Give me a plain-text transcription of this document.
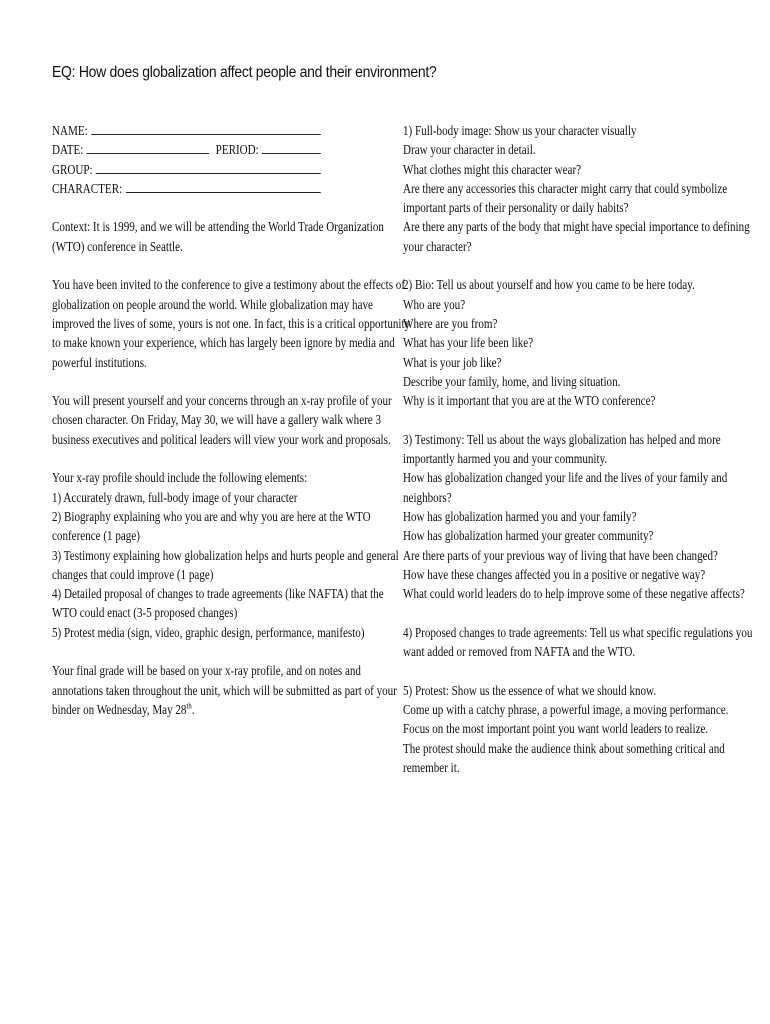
EQ: How does globalization affect people and their environment?
NAME:
DATE:	PERIOD:
GROUP:
CHARACTER:
Context: It is 1999, and we will be attending the World Trade Organization
(WTO) conference in Seattle.
You have been invited to the conference to give a testimony about the effects of
globalization on people around the world. While globalization may have
improved the lives of some, yours is not one. In fact, this is a critical opportunity
to make known your experience, which has largely been ignore by media and
powerful institutions.
You will present yourself and your concerns through an x-ray profile of your
chosen character. On Friday, May 30, we will have a gallery walk where 3
business executives and political leaders will view your work and proposals.
Your x-ray profile should include the following elements:
1) Accurately drawn, full-body image of your character
2) Biography explaining who you are and why you are here at the WTO
conference (1 page)
3) Testimony explaining how globalization helps and hurts people and general
changes that could improve (1 page)
4) Detailed proposal of changes to trade agreements (like NAFTA) that the
WTO could enact (3-5 proposed changes)
5) Protest media (sign, video, graphic design, performance, manifesto)
Your final grade will be based on your x-ray profile, and on notes and
annotations taken throughout the unit, which will be submitted as part of your
binder on Wednesday, May 28th.
1) Full-body image: Show us your character visually
Draw your character in detail.
What clothes might this character wear?
Are there any accessories this character might carry that could symbolize
important parts of their personality or daily habits?
Are there any parts of the body that might have special importance to defining
your character?
2) Bio: Tell us about yourself and how you came to be here today.
Who are you?
Where are you from?
What has your life been like?
What is your job like?
Describe your family, home, and living situation.
Why is it important that you are at the WTO conference?
3) Testimony: Tell us about the ways globalization has helped and more
importantly harmed you and your community.
How has globalization changed your life and the lives of your family and
neighbors?
How has globalization harmed you and your family?
How has globalization harmed your greater community?
Are there parts of your previous way of living that have been changed?
How have these changes affected you in a positive or negative way?
What could world leaders do to help improve some of these negative affects?
4) Proposed changes to trade agreements: Tell us what specific regulations you
want added or removed from NAFTA and the WTO.
5) Protest: Show us the essence of what we should know.
Come up with a catchy phrase, a powerful image, a moving performance.
Focus on the most important point you want world leaders to realize.
The protest should make the audience think about something critical and
remember it.
